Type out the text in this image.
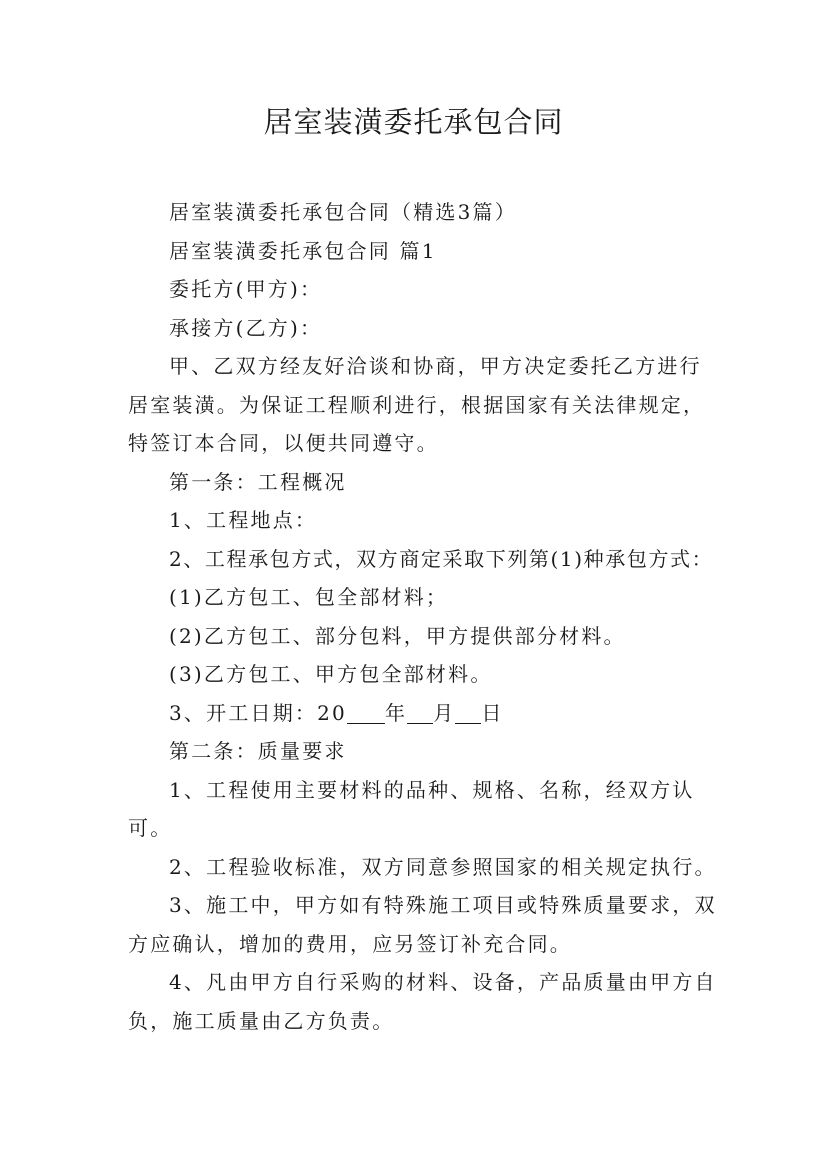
居室装潢委托承包合同

居室装潢委托承包合同（精选3篇）

居室装潢委托承包合同 篇1

委托方(甲方)：

承接方(乙方)：

甲、乙双方经友好洽谈和协商，甲方决定委托乙方进行居室装潢。为保证工程顺利进行，根据国家有关法律规定，特签订本合同，以便共同遵守。

第一条：工程概况

1、工程地点：

2、工程承包方式，双方商定采取下列第(1)种承包方式：

(1)乙方包工、包全部材料；

(2)乙方包工、部分包料，甲方提供部分材料。

(3)乙方包工、甲方包全部材料。

3、开工日期：20 年 月 日

第二条：质量要求

1、工程使用主要材料的品种、规格、名称，经双方认可。

2、工程验收标准，双方同意参照国家的相关规定执行。

3、施工中，甲方如有特殊施工项目或特殊质量要求，双方应确认，增加的费用，应另签订补充合同。

4、凡由甲方自行采购的材料、设备，产品质量由甲方自负，施工质量由乙方负责。
